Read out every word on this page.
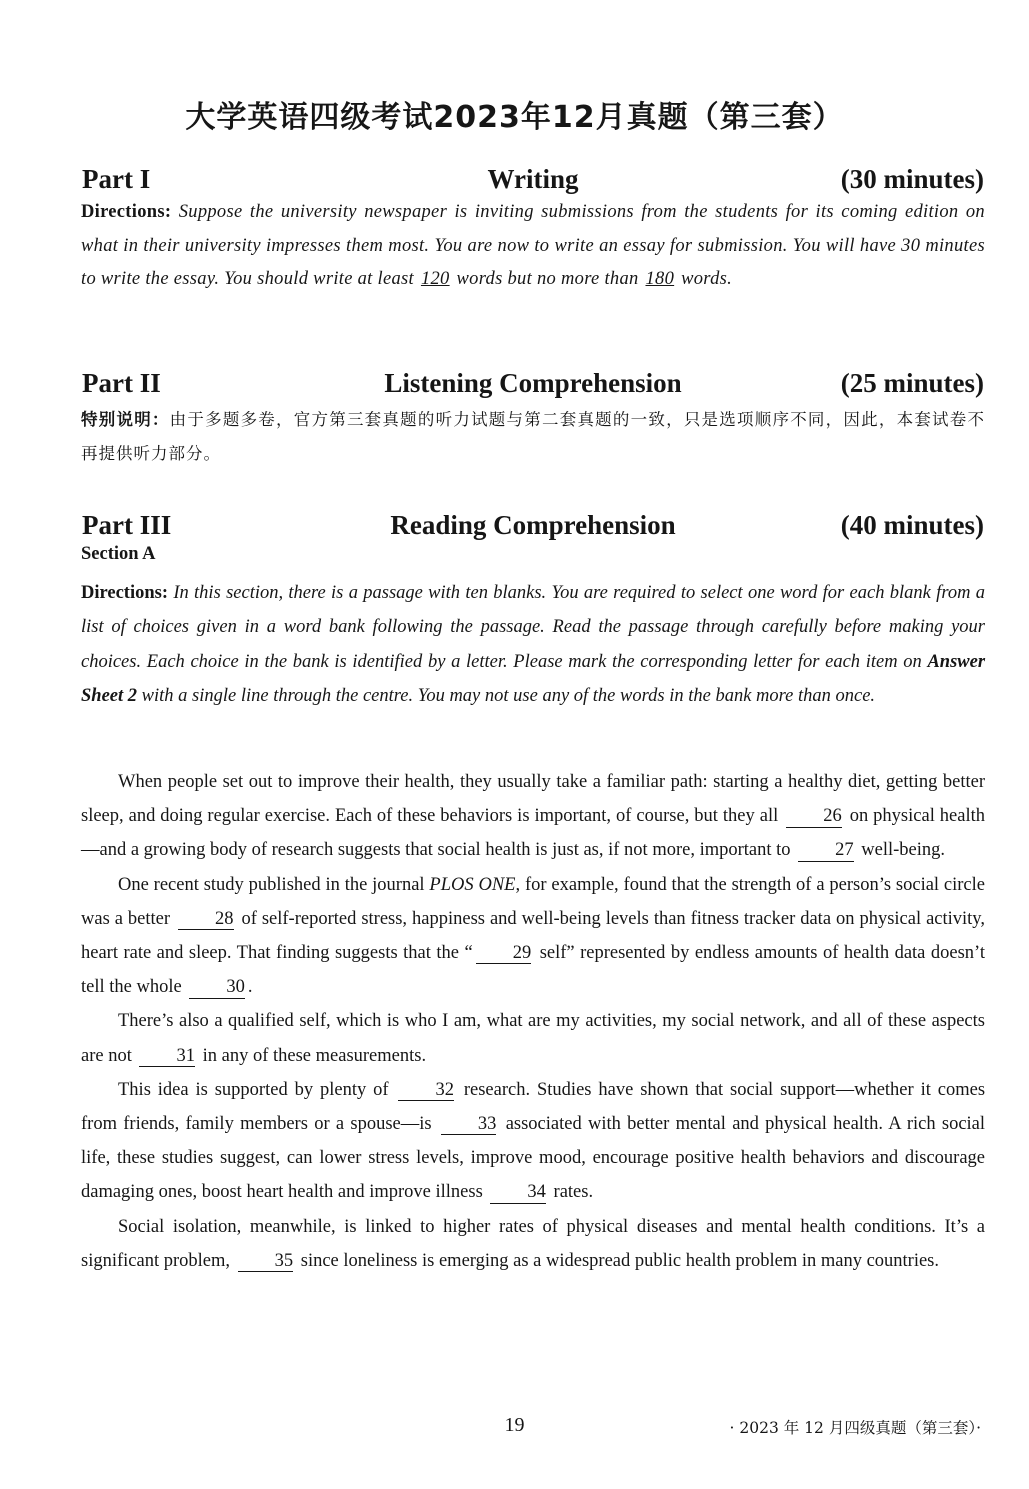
大学英语四级考试2023年12月真题（第三套）
Part I	Writing	(30 minutes)
Directions: Suppose the university newspaper is inviting submissions from the students for its coming edition on what in their university impresses them most. You are now to write an essay for submission. You will have 30 minutes to write the essay. You should write at least 120 words but no more than 180 words.
Part II	Listening Comprehension	(25 minutes)
特别说明：由于多题多卷，官方第三套真题的听力试题与第二套真题的一致，只是选项顺序不同，因此，本套试卷不再提供听力部分。
Part III	Reading Comprehension	(40 minutes)
Section A
Directions: In this section, there is a passage with ten blanks. You are required to select one word for each blank from a list of choices given in a word bank following the passage. Read the passage through carefully before making your choices. Each choice in the bank is identified by a letter. Please mark the corresponding letter for each item on Answer Sheet 2 with a single line through the centre. You may not use any of the words in the bank more than once.

When people set out to improve their health, they usually take a familiar path: starting a healthy diet, getting better sleep, and doing regular exercise. Each of these behaviors is important, of course, but they all 26 on physical health—and a growing body of research suggests that social health is just as, if not more, important to 27 well-being.

One recent study published in the journal PLOS ONE, for example, found that the strength of a person’s social circle was a better 28 of self-reported stress, happiness and well-being levels than fitness tracker data on physical activity, heart rate and sleep. That finding suggests that the “ 29 self” represented by endless amounts of health data doesn’t tell the whole 30 .

There’s also a qualified self, which is who I am, what are my activities, my social network, and all of these aspects are not 31 in any of these measurements.

This idea is supported by plenty of	32 research. Studies have shown that social support—whether it comes from friends, family members or a spouse—is	33 associated with better mental and physical health. A rich social life, these studies suggest, can lower stress levels, improve mood, encourage positive health behaviors and discourage damaging ones, boost heart health and improve illness 34 rates.

Social isolation, meanwhile, is linked to higher rates of physical diseases and mental health conditions. It’s a significant problem, 35 since loneliness is emerging as a widespread public health problem in many countries.

19	· 2023 年 12 月四级真题（第三套）·
